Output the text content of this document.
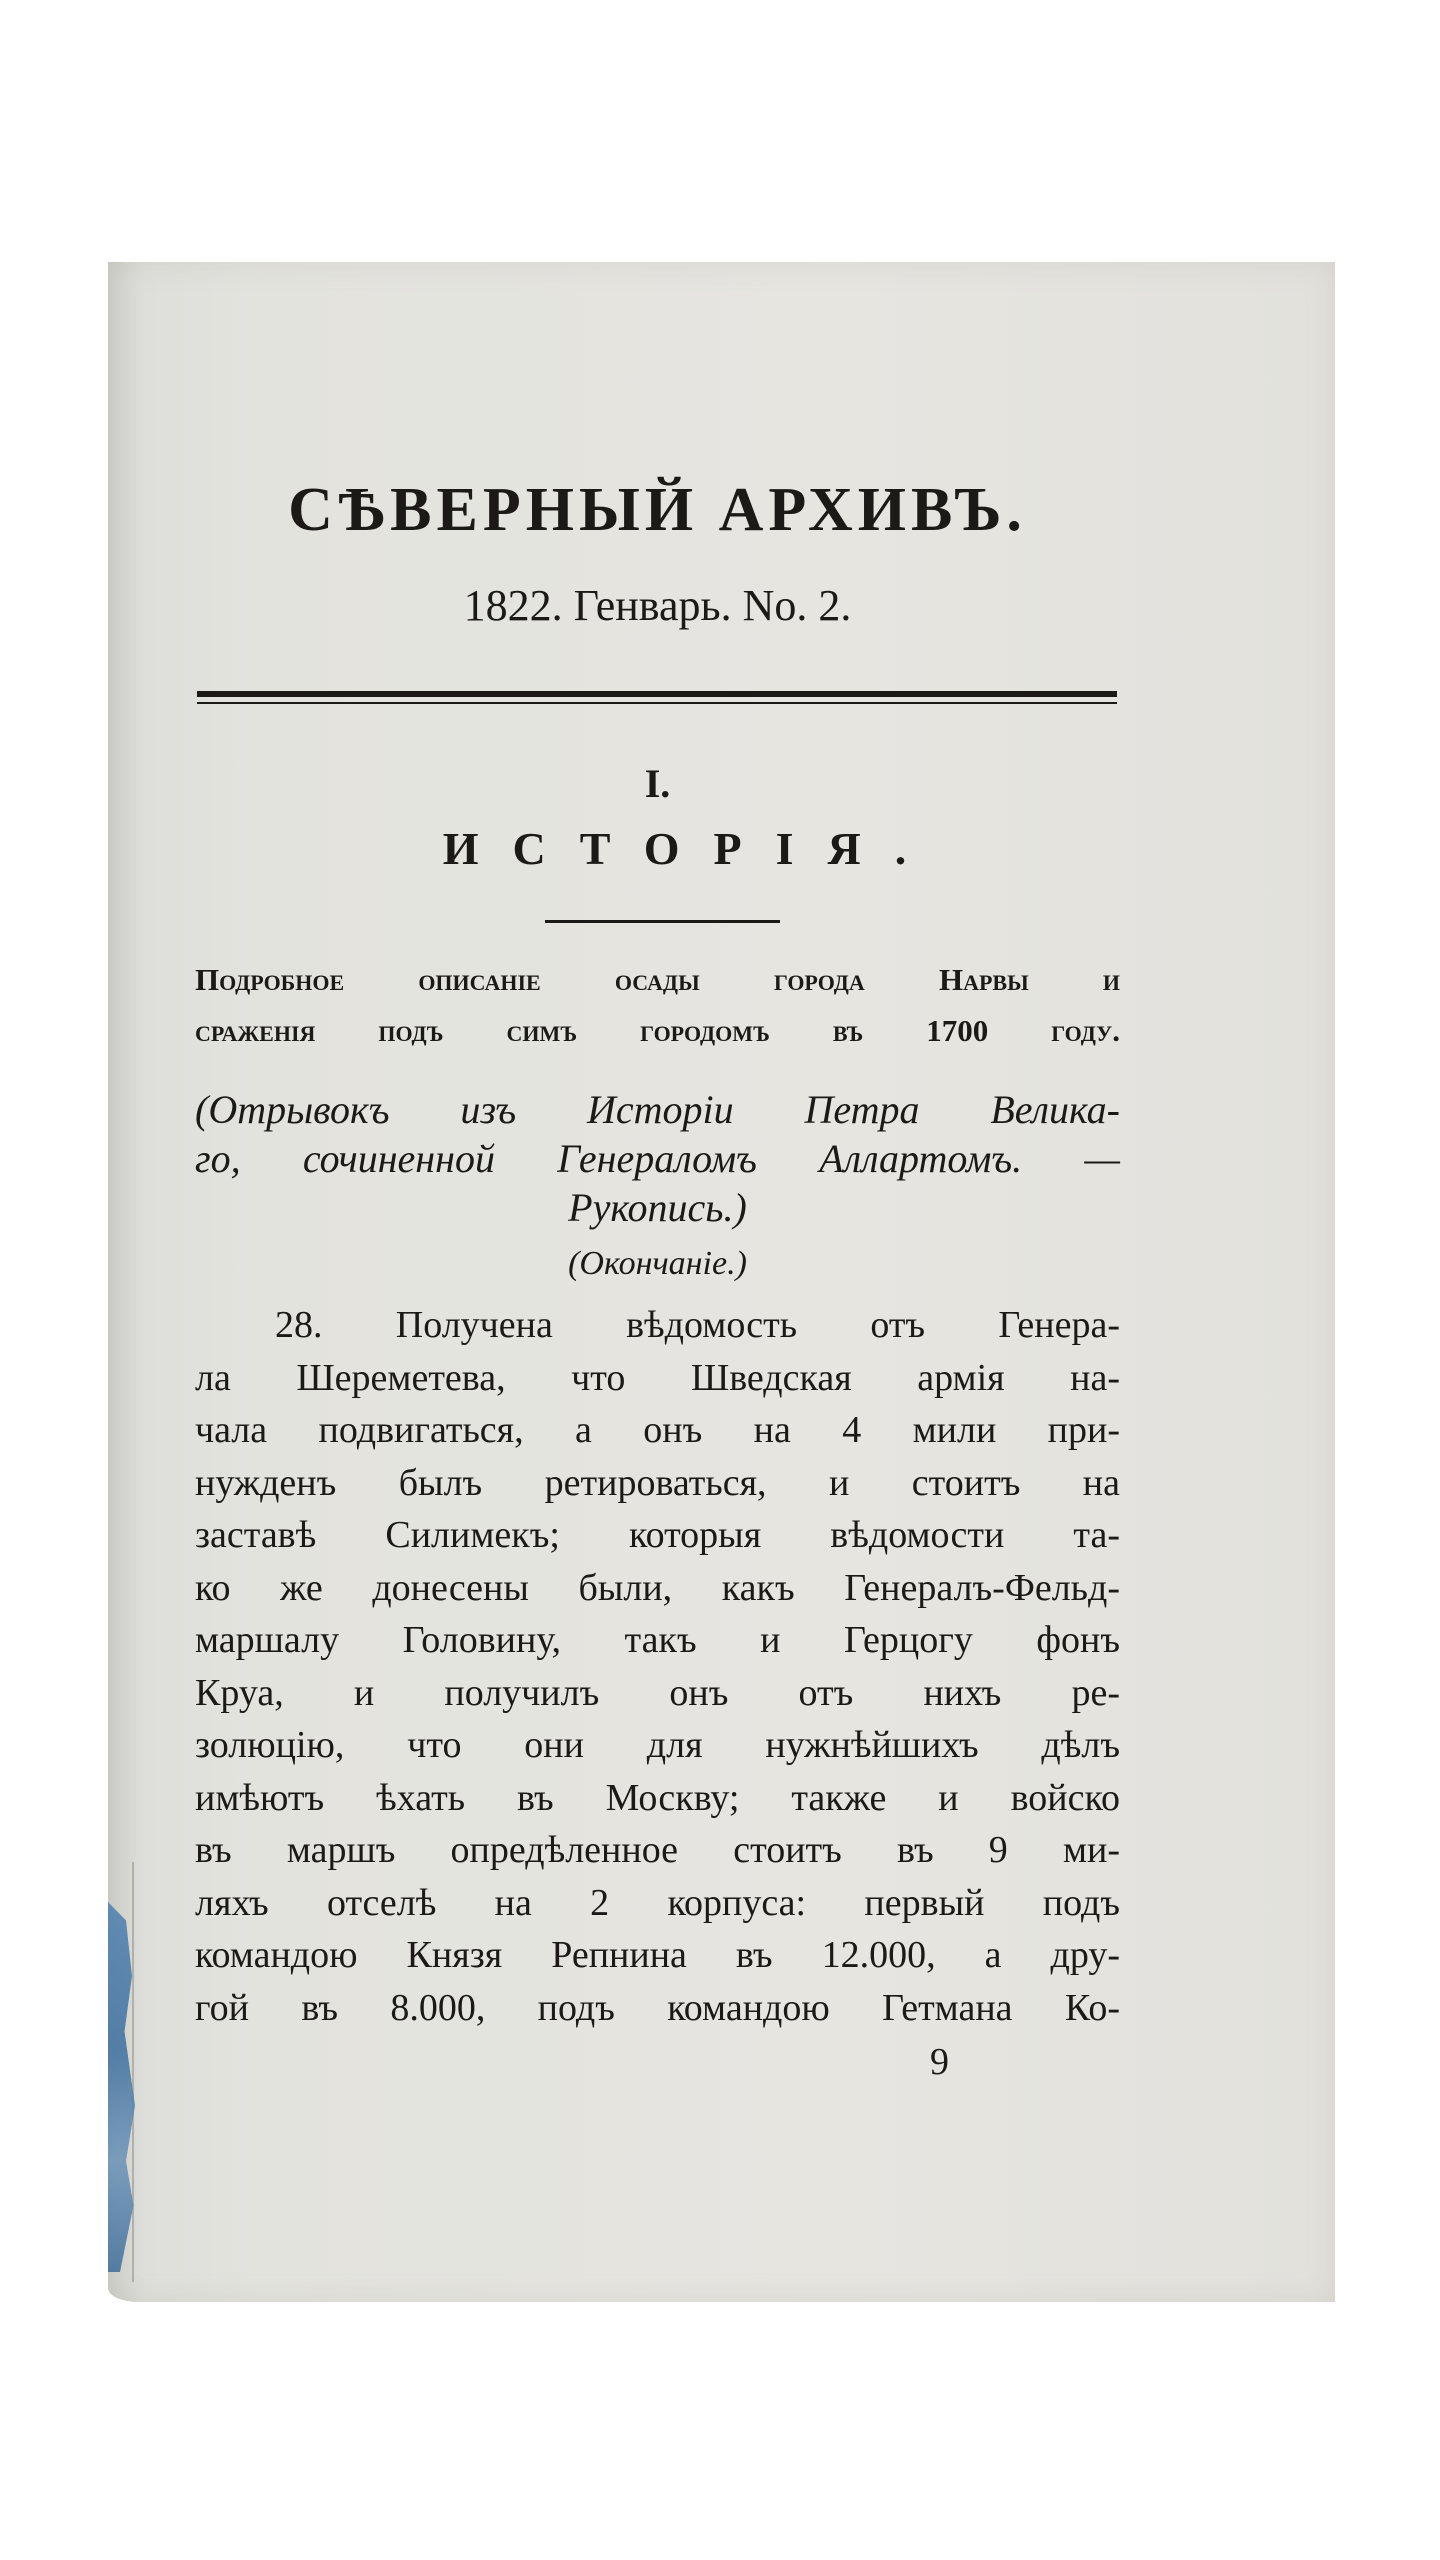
СѢВЕРНЫЙ АРХИВЪ.
1822. Генварь. No. 2.
I.
ИСТОРІЯ.
Подробное описаніе осады города Нарвы и
сраженія подъ симъ городомъ въ 1700 году.
(Отрывокъ изъ Исторіи Петра Велика-
го, сочиненной Генераломъ Аллартомъ. —
Рукопись.)
(Окончаніе.)
28. Получена вѣдомость отъ Генера-
ла Шереметева, что Шведская армія на-
чала подвигаться, а онъ на 4 мили при-
нужденъ былъ ретироваться, и стоитъ на
заставѣ Силимекъ; которыя вѣдомости та-
ко же донесены были, какъ Генералъ-Фельд-
маршалу Головину, такъ и Герцогу фонъ
Круа, и получилъ онъ отъ нихъ ре-
золюцію, что они для нужнѣйшихъ дѣлъ
имѣютъ ѣхать въ Москву; также и войско
въ маршъ опредѣленное стоитъ въ 9 ми-
ляхъ отселѣ на 2 корпуса: первый подъ
командою Князя Репнина въ 12.000, а дру-
гой въ 8.000, подъ командою Гетмана Ко-
9
